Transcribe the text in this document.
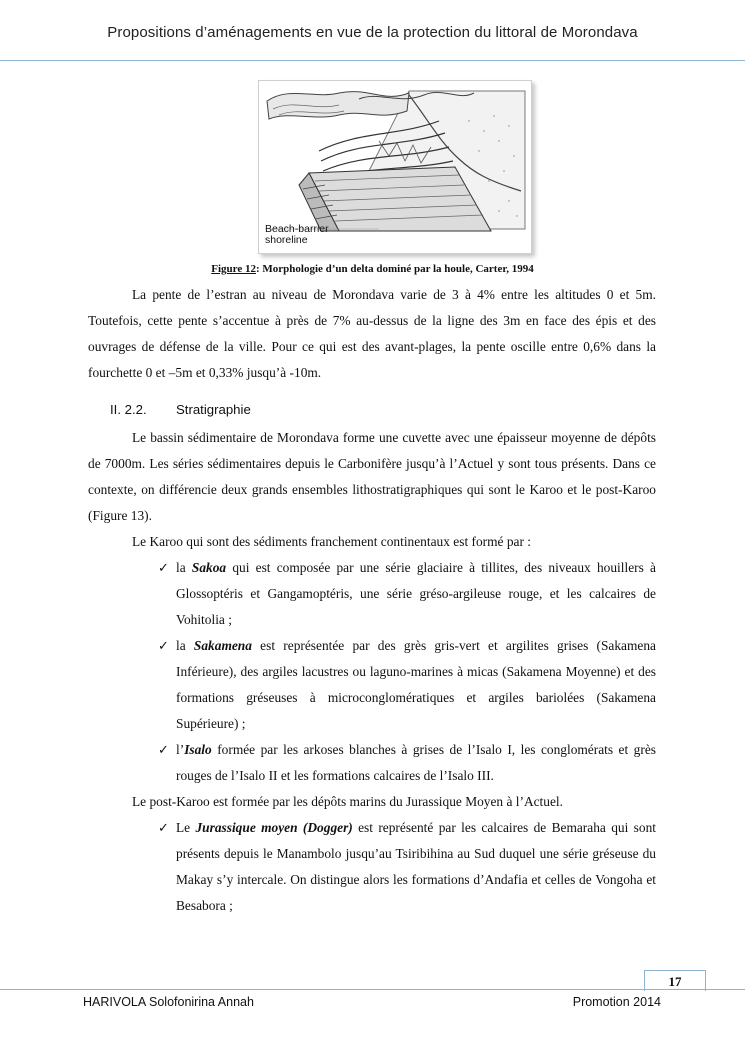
Propositions d’aménagements en vue de la protection du littoral de Morondava
Beach-barrier
shoreline
Figure 12: Morphologie d’un delta dominé par la houle, Carter, 1994
La pente de l’estran au niveau de Morondava varie de 3 à 4% entre les altitudes 0 et 5m. Toutefois, cette pente s’accentue à près de 7% au-dessus de la ligne des 3m en face des épis et des ouvrages de défense de la ville. Pour ce qui est des avant-plages, la pente oscille entre 0,6% dans la fourchette 0 et –5m et 0,33% jusqu’à -10m.
II. 2.2. Stratigraphie
Le bassin sédimentaire de Morondava forme une cuvette avec une épaisseur moyenne de dépôts de 7000m. Les séries sédimentaires depuis le Carbonifère jusqu’à l’Actuel y sont tous présents. Dans ce contexte, on différencie deux grands ensembles lithostratigraphiques qui sont le Karoo et le post-Karoo (Figure 13).
Le Karoo qui sont des sédiments franchement continentaux est formé par :
✓ la Sakoa qui est composée par une série glaciaire à tillites, des niveaux houillers à Glossoptéris et Gangamoptéris, une série gréso-argileuse rouge, et les calcaires de Vohitolia ;
✓ la Sakamena est représentée par des grès gris-vert et argilites grises (Sakamena Inférieure), des argiles lacustres ou laguno-marines à micas (Sakamena Moyenne) et des formations gréseuses à microconglomératiques et argiles bariolées (Sakamena Supérieure) ;
✓ l’Isalo formée par les arkoses blanches à grises de l’Isalo I, les conglomérats et grès rouges de l’Isalo II et les formations calcaires de l’Isalo III.
Le post-Karoo est formée par les dépôts marins du Jurassique Moyen à l’Actuel.
✓ Le Jurassique moyen (Dogger) est représenté par les calcaires de Bemaraha qui sont présents depuis le Manambolo jusqu’au Tsiribihina au Sud duquel une série gréseuse du Makay s’y intercale. On distingue alors les formations d’Andafia et celles de Vongoha et Besabora ;
17
HARIVOLA Solofonirina Annah	Promotion 2014
